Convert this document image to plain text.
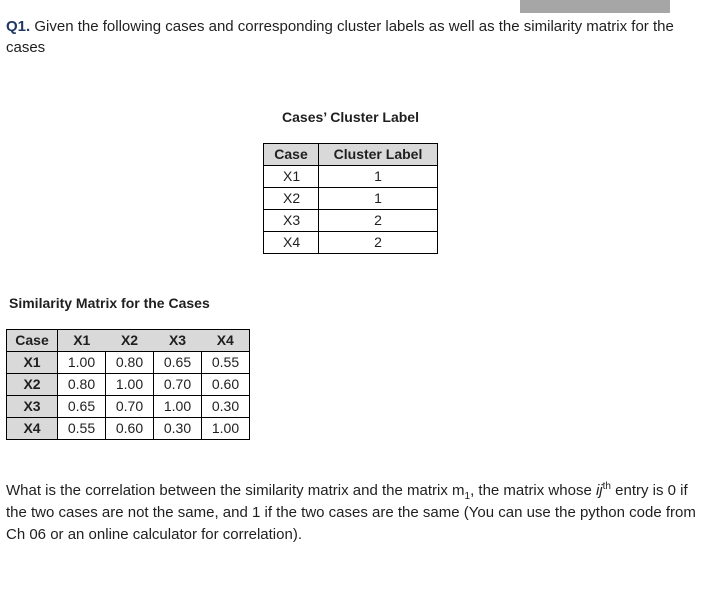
Q1. Given the following cases and corresponding cluster labels as well as the similarity matrix for the cases
Cases’ Cluster Label
Case	Cluster Label
X1	1
X2	1
X3	2
X4	2
Similarity Matrix for the Cases
Case	X1	X2	X3	X4
X1	1.00	0.80	0.65	0.55
X2	0.80	1.00	0.70	0.60
X3	0.65	0.70	1.00	0.30
X4	0.55	0.60	0.30	1.00
What is the correlation between the similarity matrix and the matrix $m_1$, the matrix whose $ij^{th}$ entry is 0 if the two cases are not the same, and 1 if the two cases are the same (You can use the python code from Ch 06 or an online calculator for correlation).
